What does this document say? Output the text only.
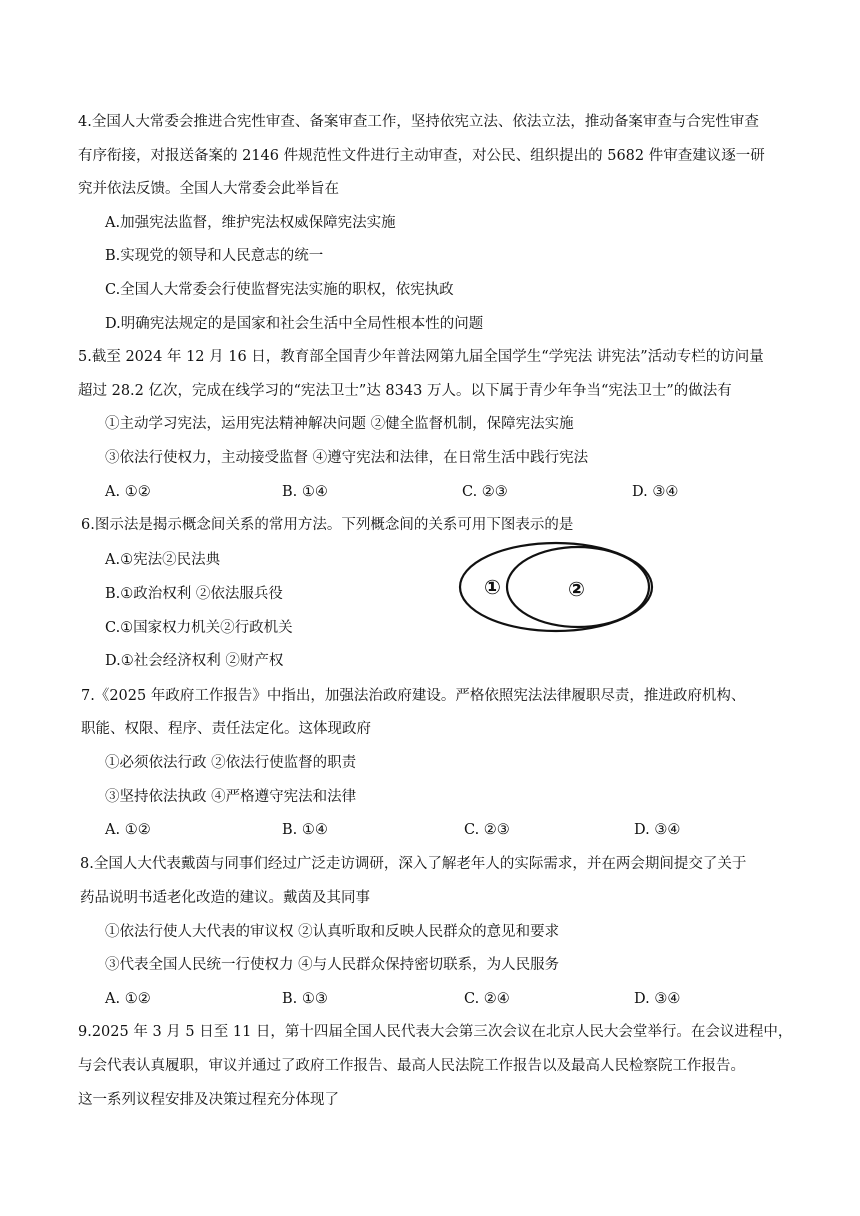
4.全国人大常委会推进合宪性审查、备案审查工作，坚持依宪立法、依法立法，推动备案审查与合宪性审查
有序衔接，对报送备案的 2146 件规范性文件进行主动审查，对公民、组织提出的 5682 件审查建议逐一研
究并依法反馈。全国人大常委会此举旨在
A.加强宪法监督，维护宪法权威保障宪法实施
B.实现党的领导和人民意志的统一
C.全国人大常委会行使监督宪法实施的职权，依宪执政
D.明确宪法规定的是国家和社会生活中全局性根本性的问题
5.截至 2024 年 12 月 16 日，教育部全国青少年普法网第九届全国学生“学宪法 讲宪法”活动专栏的访问量
超过 28.2 亿次，完成在线学习的“宪法卫士”达 8343 万人。以下属于青少年争当“宪法卫士”的做法有
①主动学习宪法，运用宪法精神解决问题 ②健全监督机制，保障宪法实施
③依法行使权力，主动接受监督 ④遵守宪法和法律，在日常生活中践行宪法
A. ①②	B. ①④	C. ②③	D. ③④
6.图示法是揭示概念间关系的常用方法。下列概念间的关系可用下图表示的是
A.①宪法②民法典
B.①政治权利 ②依法服兵役
C.①国家权力机关②行政机关
D.①社会经济权利 ②财产权
①	②
7.《2025 年政府工作报告》中指出，加强法治政府建设。严格依照宪法法律履职尽责，推进政府机构、
职能、权限、程序、责任法定化。这体现政府
①必须依法行政 ②依法行使监督的职责
③坚持依法执政 ④严格遵守宪法和法律
A. ①②	B. ①④	C. ②③	D. ③④
8.全国人大代表戴茵与同事们经过广泛走访调研，深入了解老年人的实际需求，并在两会期间提交了关于
药品说明书适老化改造的建议。戴茵及其同事
①依法行使人大代表的审议权 ②认真听取和反映人民群众的意见和要求
③代表全国人民统一行使权力 ④与人民群众保持密切联系，为人民服务
A. ①②	B. ①③	C. ②④	D. ③④
9.2025 年 3 月 5 日至 11 日，第十四届全国人民代表大会第三次会议在北京人民大会堂举行。在会议进程中，
与会代表认真履职，审议并通过了政府工作报告、最高人民法院工作报告以及最高人民检察院工作报告。
这一系列议程安排及决策过程充分体现了
